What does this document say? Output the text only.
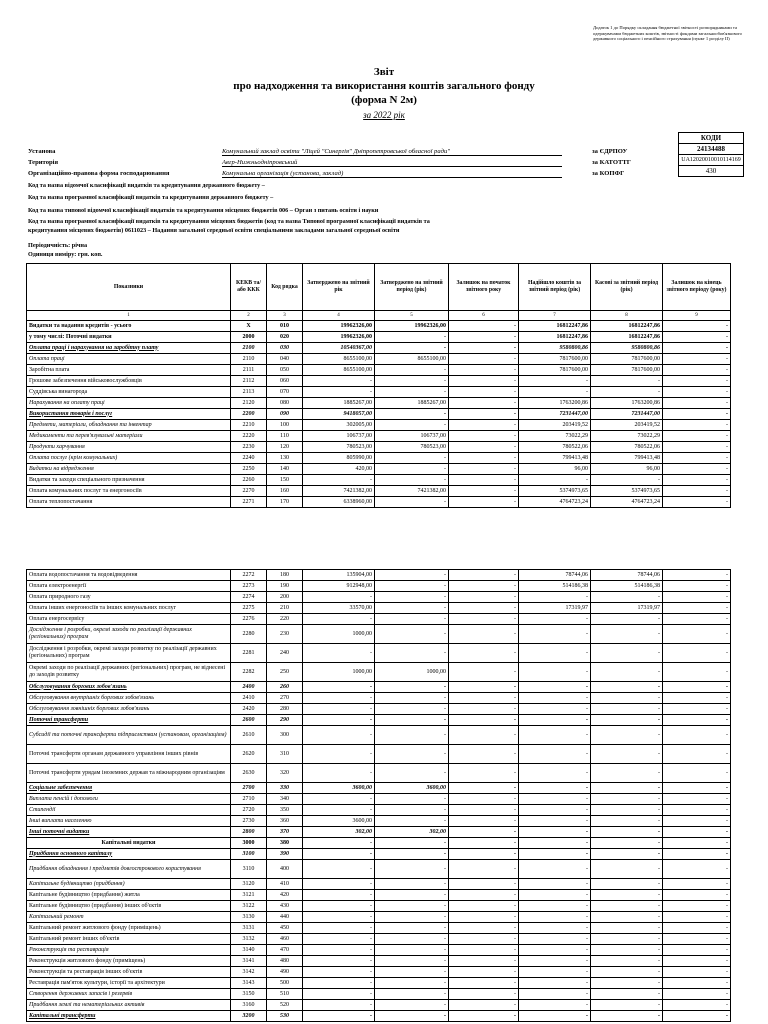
Додаток 1 до Порядку складання бюджетної звітності розпорядниками та одержувачами бюджетних коштів, звітності фондами загальнообов'язкового державного соціального і пенсійного страхування (пункт 1 розділу ІІ)
Звіт
про надходження та використання коштів загального фонду
(форма N 2м)
за 2022 рік
КОДИ
24134488
UA12020010010114169
430
за ЄДРПОУ
за КАТОТТГ
за КОПФГ
Установа	Комунальний заклад освіти "Ліцей "Синергія" Дніпропетровської обласної ради"
Територія	Авгр-Нижньодніпровський
Організаційно-правова форма господарювання	Комунальна організація (установа, заклад)
Код та назва відомчої класифікації видатків та кредитування державного бюджету –
Код та назва програмної класифікації видатків та кредитування державного бюджету –
Код та назва типової відомчої класифікації видатків та кредитування місцевих бюджетів 006 – Орган з питань освіти і науки
Код та назва програмної класифікації видатків та кредитування місцевих бюджетів (код та назва Типової програмної класифікації видатків та
кредитування місцевих бюджетів) 0611023 – Надання загальної середньої освіти спеціальними закладами загальної середньої освіти
Періодичність: річна
Одиниця виміру: грн. коп.
Показники	КЕКВ та/або ККК	Код рядка	Затверджено на звітний рік	Затверджено на звітний період (рік)	Залишок на початок звітного року	Надійшло коштів за звітний період (рік)	Касові за звітний період (рік)	Залишок на кінець звітного періоду (року)
1	2	3	4	5	6	7	8	9
Видатки та надання кредитів - усього	X	010	19962326,00	19962326,00	-	16812247,86	16812247,86	-
у тому числі: Поточні видатки	2000	020	19962326,00	-	-	16812247,86	16812247,86	-
Оплата праці і нарахування на заробітну плату	2100	030	10540367,00	-	-	9580800,86	9580800,86	-
Оплата праці	2110	040	8655100,00	8655100,00	-	7817600,00	7817600,00	-
Заробітна плата	2111	050	8655100,00	-	-	7817600,00	7817600,00	-
Грошове забезпечення військовослужбовців	2112	060	-	-	-	-	-	-
Суддівська винагорода	2113	070	-	-	-	-	-	-
Нарахування на оплату праці	2120	080	1885267,00	1885267,00	-	1763200,86	1763200,86	-
Використання товарів і послуг	2200	090	9418057,00	-	-	7231447,00	7231447,00	-
Предмети, матеріали, обладнання та інвентар	2210	100	302005,00	-	-	203419,52	203419,52	-
Медикаменти та перев'язувальні матеріали	2220	110	106737,00	106737,00	-	73022,29	73022,29	-
Продукти харчування	2230	120	780523,00	780523,00	-	780522,06	780522,06	-
Оплата послуг (крім комунальних)	2240	130	805990,00	-	-	799413,48	799413,48	-
Видатки на відрядження	2250	140	420,00	-	-	96,00	96,00	-
Видатки та заходи спеціального призначення	2260	150	-	-	-	-	-	-
Оплата комунальних послуг та енергоносіїв	2270	160	7421382,00	7421382,00	-	5374973,65	5374973,65	-
Оплата теплопостачання	2271	170	6338960,00	-	-	4764723,24	4764723,24	-
Оплата водопостачання та водовідведення	2272	180	135904,00	-	-	78744,06	78744,06	-
Оплата електроенергії	2273	190	912948,00	-	-	514186,38	514186,38	-
Оплата природного газу	2274	200	-	-	-	-	-	-
Оплата інших енергоносіїв та інших комунальних послуг	2275	210	33570,00	-	-	17319,97	17319,97	-
Оплата енергосервісу	2276	220	-	-	-	-	-	-
Дослідження і розробки, окремі заходи по реалізації державних (регіональних) програм	2280	230	1000,00	-	-	-	-	-
Дослідження і розробки, окремі заходи розвитку по реалізації державних (регіональних) програм	2281	240	-	-	-	-	-	-
Окремі заходи по реалізації державних (регіональних) програм, не віднесені до заходів розвитку	2282	250	1000,00	1000,00	-	-	-	-
Обслуговування боргових зобов'язань	2400	260	-	-	-	-	-	-
Обслуговування внутрішніх боргових зобов'язань	2410	270	-	-	-	-	-	-
Обслуговування зовнішніх боргових зобов'язань	2420	280	-	-	-	-	-	-
Поточні трансферти	2600	290	-	-	-	-	-	-
Субсидії та поточні трансферти підприємствам (установам, організаціям)	2610	300	-	-	-	-	-	-
Поточні трансферти органам державного управління інших рівнів	2620	310	-	-	-	-	-	-
Поточні трансферти урядам іноземних держав та міжнародним організаціям	2630	320	-	-	-	-	-	-
Соціальне забезпечення	2700	330	3600,00	3600,00	-	-	-	-
Виплата пенсій і допомоги	2710	340	-	-	-	-	-	-
Стипендії	2720	350	-	-	-	-	-	-
Інші виплати населенню	2730	360	3600,00	-	-	-	-	-
Інші поточні видатки	2800	370	302,00	302,00	-	-	-	-
Капітальні видатки	3000	380	-	-	-	-	-	-
Придбання основного капіталу	3100	390	-	-	-	-	-	-
Придбання обладнання і предметів довгострокового користування	3110	400	-	-	-	-	-	-
Капітальне будівництво (придбання)	3120	410	-	-	-	-	-	-
Капітальне будівництво (придбання) житла	3121	420	-	-	-	-	-	-
Капітальне будівництво (придбання) інших об'єктів	3122	430	-	-	-	-	-	-
Капітальний ремонт	3130	440	-	-	-	-	-	-
Капітальний ремонт житлового фонду (приміщень)	3131	450	-	-	-	-	-	-
Капітальний ремонт інших об'єктів	3132	460	-	-	-	-	-	-
Реконструкція та реставрація	3140	470	-	-	-	-	-	-
Реконструкція житлового фонду (приміщень)	3141	480	-	-	-	-	-	-
Реконструкція та реставрація інших об'єктів	3142	490	-	-	-	-	-	-
Реставрація пам'яток культури, історії та архітектури	3143	500	-	-	-	-	-	-
Створення державних запасів і резервів	3150	510	-	-	-	-	-	-
Придбання землі та нематеріальних активів	3160	520	-	-	-	-	-	-
Капітальні трансферти	3200	530	-	-	-	-	-	-
